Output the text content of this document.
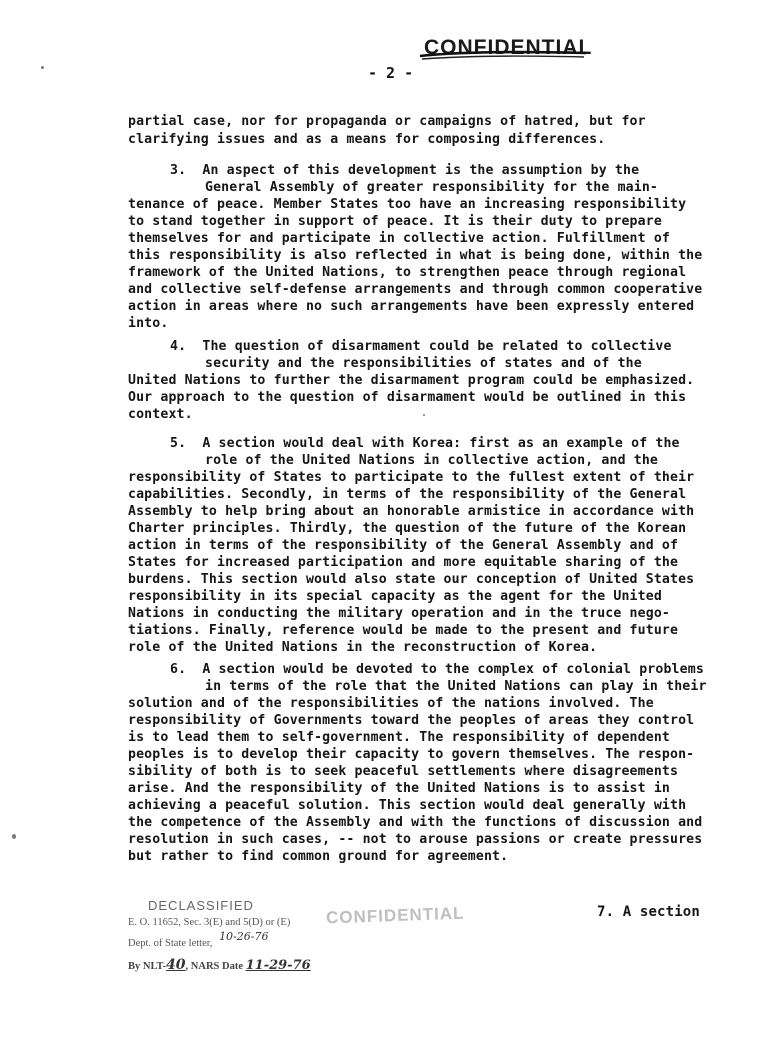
CONFIDENTIAL
- 2 -
partial case, nor for propaganda or campaigns of hatred, but for
clarifying issues and as a means for composing differences.
3.  An aspect of this development is the assumption by the
General Assembly of greater responsibility for the main-
tenance of peace. Member States too have an increasing responsibility
to stand together in support of peace. It is their duty to prepare
themselves for and participate in collective action. Fulfillment of
this responsibility is also reflected in what is being done, within the
framework of the United Nations, to strengthen peace through regional
and collective self-defense arrangements and through common cooperative
action in areas where no such arrangements have been expressly entered
into.
4.  The question of disarmament could be related to collective
security and the responsibilities of states and of the
United Nations to further the disarmament program could be emphasized.
Our approach to the question of disarmament would be outlined in this
context.
5.  A section would deal with Korea: first as an example of the
role of the United Nations in collective action, and the
responsibility of States to participate to the fullest extent of their
capabilities. Secondly, in terms of the responsibility of the General
Assembly to help bring about an honorable armistice in accordance with
Charter principles. Thirdly, the question of the future of the Korean
action in terms of the responsibility of the General Assembly and of
States for increased participation and more equitable sharing of the
burdens. This section would also state our conception of United States
responsibility in its special capacity as the agent for the United
Nations in conducting the military operation and in the truce nego-
tiations. Finally, reference would be made to the present and future
role of the United Nations in the reconstruction of Korea.
6.  A section would be devoted to the complex of colonial problems
in terms of the role that the United Nations can play in their
solution and of the responsibilities of the nations involved. The
responsibility of Governments toward the peoples of areas they control
is to lead them to self-government. The responsibility of dependent
peoples is to develop their capacity to govern themselves. The respon-
sibility of both is to seek peaceful settlements where disagreements
arise. And the responsibility of the United Nations is to assist in
achieving a peaceful solution. This section would deal generally with
the competence of the Assembly and with the functions of discussion and
resolution in such cases, -- not to arouse passions or create pressures
but rather to find common ground for agreement.
7. A section
DECLASSIFIED
E. O. 11652, Sec. 3(E) and 5(D) or (E)
Dept. of State letter, 10-26-76
By NLT-40, NARS Date 11-29-76
CONFIDENTIAL
